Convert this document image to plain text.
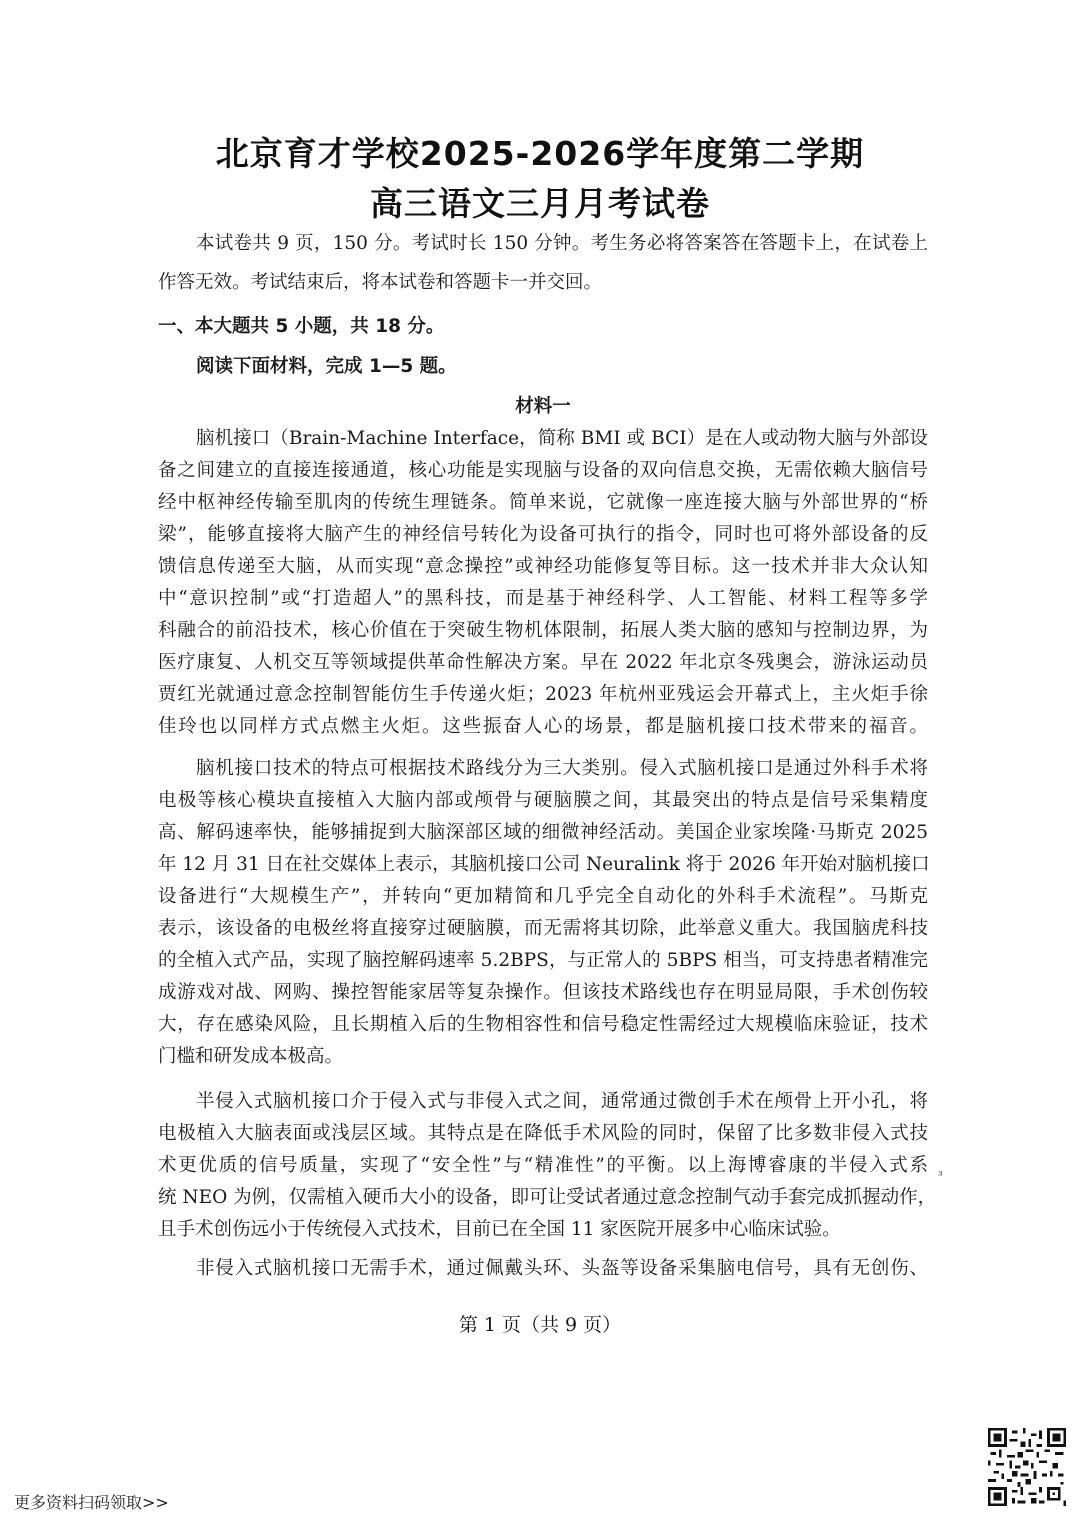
北京育才学校2025-2026学年度第二学期
高三语文三月月考试卷
本试卷共 9 页，150 分。考试时长 150 分钟。考生务必将答案答在答题卡上，在试卷上
作答无效。考试结束后，将本试卷和答题卡一并交回。
一、本大题共 5 小题，共 18 分。
阅读下面材料，完成 1—5 题。
材料一
脑机接口（Brain-Machine Interface，简称 BMI 或 BCI）是在人或动物大脑与外部设
备之间建立的直接连接通道，核心功能是实现脑与设备的双向信息交换，无需依赖大脑信号
经中枢神经传输至肌肉的传统生理链条。简单来说，它就像一座连接大脑与外部世界的“桥
梁”，能够直接将大脑产生的神经信号转化为设备可执行的指令，同时也可将外部设备的反
馈信息传递至大脑，从而实现“意念操控”或神经功能修复等目标。这一技术并非大众认知
中“意识控制”或“打造超人”的黑科技，而是基于神经科学、人工智能、材料工程等多学
科融合的前沿技术，核心价值在于突破生物机体限制，拓展人类大脑的感知与控制边界，为
医疗康复、人机交互等领域提供革命性解决方案。早在 2022 年北京冬残奥会，游泳运动员
贾红光就通过意念控制智能仿生手传递火炬；2023 年杭州亚残运会开幕式上，主火炬手徐
佳玲也以同样方式点燃主火炬。这些振奋人心的场景，都是脑机接口技术带来的福音。
脑机接口技术的特点可根据技术路线分为三大类别。侵入式脑机接口是通过外科手术将
电极等核心模块直接植入大脑内部或颅骨与硬脑膜之间，其最突出的特点是信号采集精度
高、解码速率快，能够捕捉到大脑深部区域的细微神经活动。美国企业家埃隆·马斯克 2025
年 12 月 31 日在社交媒体上表示，其脑机接口公司 Neuralink 将于 2026 年开始对脑机接口
设备进行“大规模生产”，并转向“更加精简和几乎完全自动化的外科手术流程”。马斯克
表示，该设备的电极丝将直接穿过硬脑膜，而无需将其切除，此举意义重大。我国脑虎科技
的全植入式产品，实现了脑控解码速率 5.2BPS，与正常人的 5BPS 相当，可支持患者精准完
成游戏对战、网购、操控智能家居等复杂操作。但该技术路线也存在明显局限，手术创伤较
大，存在感染风险，且长期植入后的生物相容性和信号稳定性需经过大规模临床验证，技术
门槛和研发成本极高。
半侵入式脑机接口介于侵入式与非侵入式之间，通常通过微创手术在颅骨上开小孔，将
电极植入大脑表面或浅层区域。其特点是在降低手术风险的同时，保留了比多数非侵入式技
术更优质的信号质量，实现了“安全性”与“精准性”的平衡。以上海博睿康的半侵入式系
统 NEO 为例，仅需植入硬币大小的设备，即可让受试者通过意念控制气动手套完成抓握动作，
且手术创伤远小于传统侵入式技术，目前已在全国 11 家医院开展多中心临床试验。
ᵌ
非侵入式脑机接口无需手术，通过佩戴头环、头盔等设备采集脑电信号，具有无创伤、
第 1 页（共 9 页）
更多资料扫码领取>>
